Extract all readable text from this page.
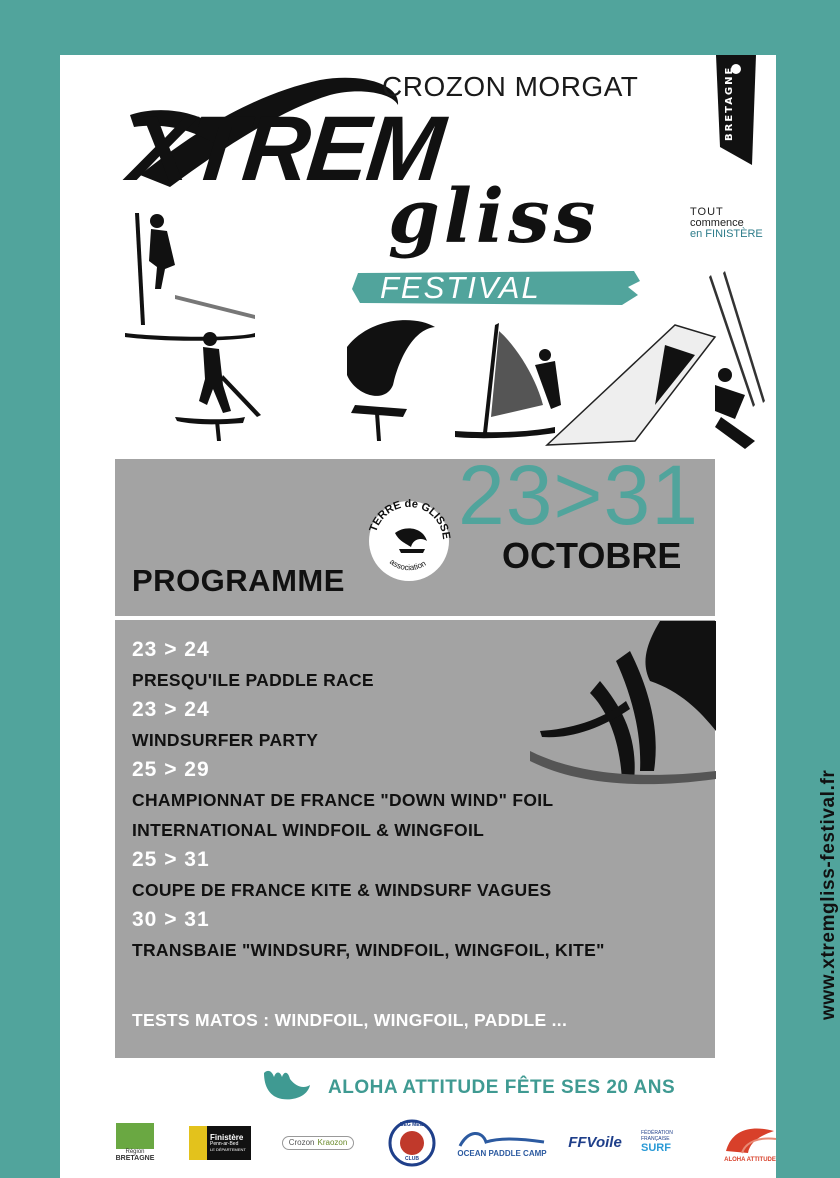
CROZON MORGAT
XTREM
gliss
FESTIVAL
BRETAGNE
TOUT
commence
en FINISTÈRE
23>31
OCTOBRE
TERRE de GLISSE
association
PROGRAMME
23 > 24
PRESQU'ILE PADDLE RACE
23 > 24
WINDSURFER PARTY
25 > 29
CHAMPIONNAT DE FRANCE "DOWN WIND" FOIL
INTERNATIONAL WINDFOIL & WINGFOIL
25 > 31
COUPE DE FRANCE KITE & WINDSURF VAGUES
30 > 31
TRANSBAIE "WINDSURF, WINDFOIL, WINGFOIL, KITE"
TESTS MATOS : WINDFOIL, WINGFOIL, PADDLE ...
ALOHA ATTITUDE FÊTE SES 20 ANS
Région
BRETAGNE
Finistère
Penn-ar-Bed
LE DÉPARTEMENT
Crozon Kraozon
BEG MEIL
CLUB
OCEAN PADDLE CAMP
FFVoile
FÉDÉRATION
FRANÇAISE
SURF
ALOHA ATTITUDE
www.xtremgliss-festival.fr
